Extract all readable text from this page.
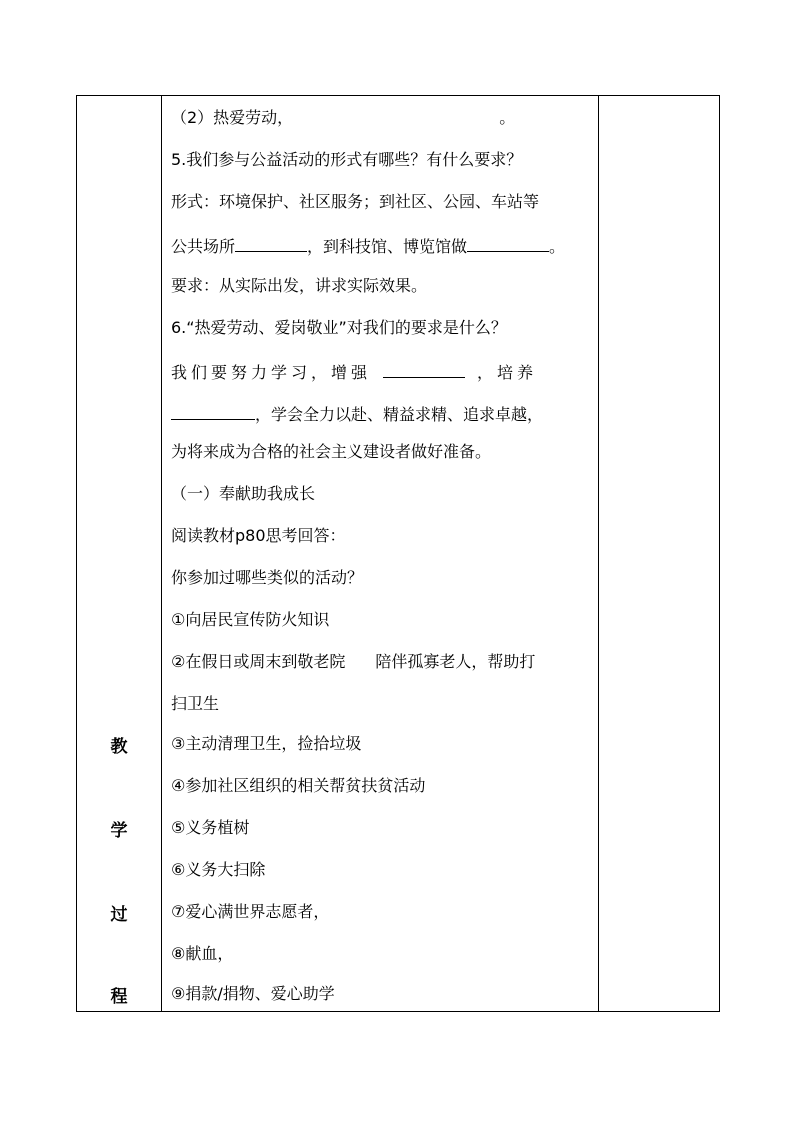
教
学
过
程

（2）热爱劳动，	。
5.我们参与公益活动的形式有哪些？有什么要求？
形式：环境保护、社区服务；到社区、公园、车站等
公共场所	，到科技馆、博览馆做	。
要求：从实际出发，讲求实际效果。
6.“热爱劳动、爱岗敬业”对我们的要求是什么？
我们要努力学习，增强	，培养
，学会全力以赴、精益求精、追求卓越，
为将来成为合格的社会主义建设者做好准备。
（一）奉献助我成长
阅读教材p80思考回答：
你参加过哪些类似的活动？
①向居民宣传防火知识
②在假日或周末到敬老院 陪伴孤寡老人，帮助打
扫卫生
③主动清理卫生，捡拾垃圾
④参加社区组织的相关帮贫扶贫活动
⑤义务植树
⑥义务大扫除
⑦爱心满世界志愿者，
⑧献血，
⑨捐款/捐物、爱心助学
